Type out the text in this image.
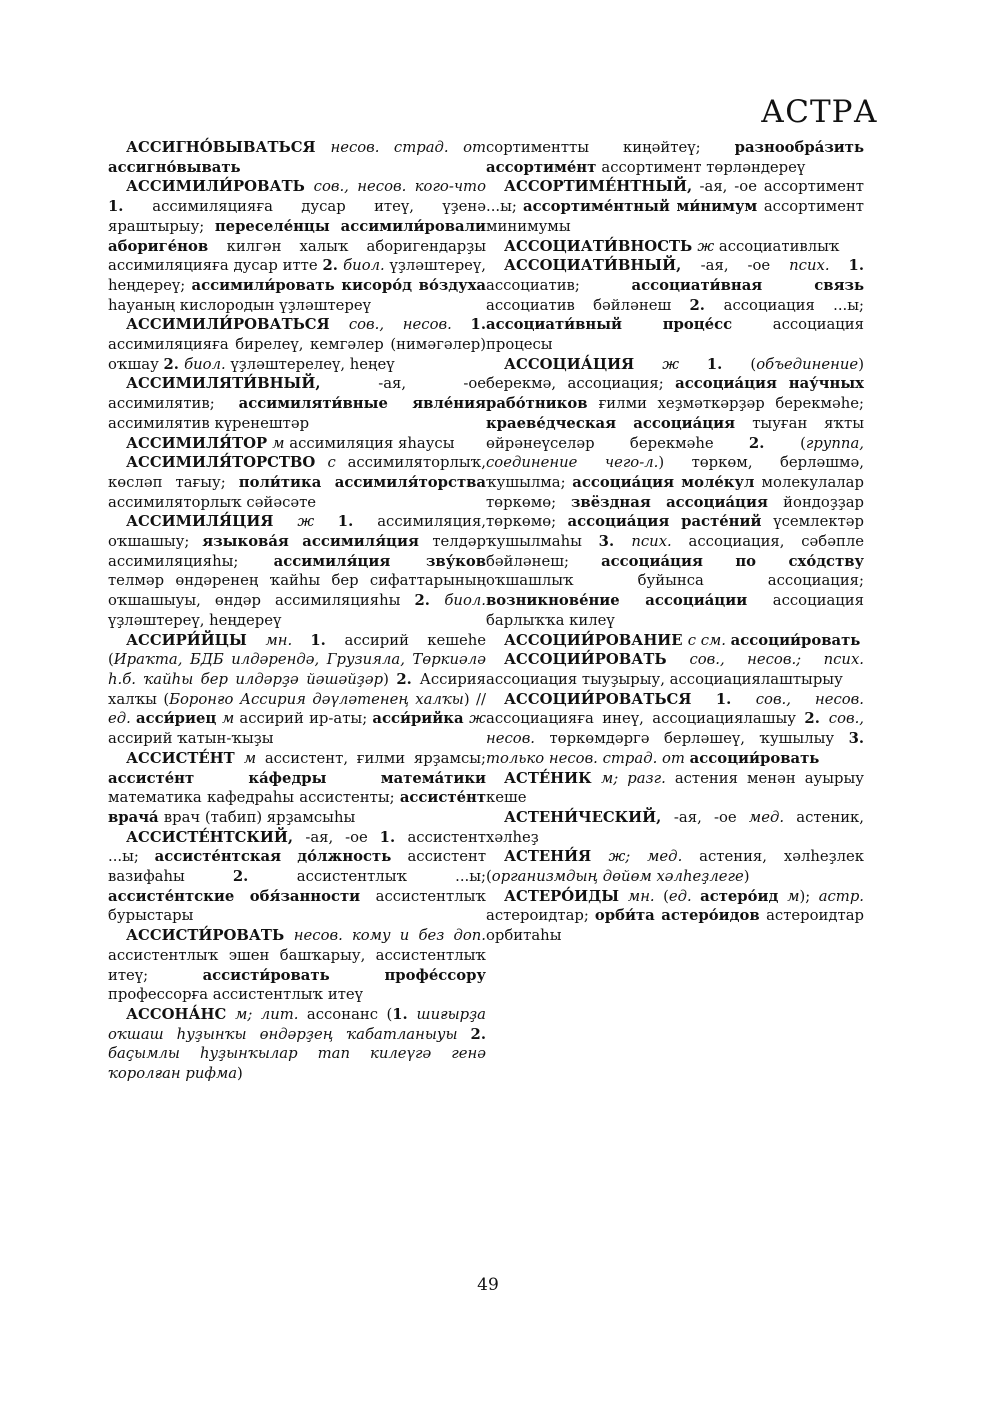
АСТРА

АССИГНО́ВЫВАТЬСЯ несов. страд. от ассигно́вывать

АССИМИЛИ́РОВАТЬ сов., несов. кого-что 1. ассимиляцияға дусар итеү, үҙенә яраштырыу; переселе́нцы ассимили́ровали абориге́нов килгән халыҡ аборигендарҙы ассимиляцияға дусар итте 2. биол. үҙләштереү, һеңдереү; ассимили́ровать кисоро́д во́здуха һауаның кислородын үҙләштереү

АССИМИЛИ́РОВАТЬСЯ сов., несов. 1. ассимиляцияға бирелеү, кемгәлер (нимәгәлер) оҡшау 2. биол. үҙләштерелеү, һеңеү

АССИМИЛЯТИ́ВНЫЙ, -ая, -ое ассимилятив; ассимиляти́вные явле́ния ассимилятив күренештәр

АССИМИЛЯ́ТОР м ассимиляция яһаусы

АССИМИЛЯ́ТОРСТВО с ассимиляторлыҡ, көсләп тағыу; поли́тика ассимиля́торства ассимиляторлыҡ сәйәсәте

АССИМИЛЯ́ЦИЯ ж 1. ассимиляция, оҡшашыу; языкова́я ассимиля́ция телдәр ассимиляцияһы; ассимиля́ция зву́ков телмәр өндәренең ҡайһы бер сифаттарының оҡшашыуы, өндәр ассимиляцияһы 2. биол. үҙләштереү, һеңдереү

АССИРИ́ЙЦЫ мн. 1. ассирий кешеһе (Ираҡта, БДБ илдәрендә, Грузияла, Төркиәлә һ.б. ҡайһы бер илдәрҙә йәшәйҙәр) 2. Ассирия халҡы (Боронғо Ассирия дәүләтенең халҡы) // ед. асси́риец м ассирий ир-аты; асси́рийка ж ассирий ҡатын-ҡыҙы

АССИСТЕ́НТ м ассистент, ғилми ярҙамсы; ассисте́нт ка́федры матема́тики математика кафедраһы ассистенты; ассисте́нт врача́ врач (табип) ярҙамсыһы

АССИСТЕ́НТСКИЙ, -ая, -ое 1. ассистент ...ы; ассисте́нтская до́лжность ассистент вазифаһы 2. ассистентлыҡ ...ы; ассисте́нтские обя́занности ассистентлыҡ бурыстары

АССИСТИ́РОВАТЬ несов. кому и без доп. ассистентлыҡ эшен башҡарыу, ассистентлыҡ итеү; ассисти́ровать профе́ссору профессорға ассистентлыҡ итеү

АССОНА́НС м; лит. ассонанс (1. шиғырҙа оҡшаш һуҙынҡы өндәрҙең ҡабатланыуы 2. баҫымлы һуҙынҡылар тап килеүгә генә ҡоролған рифма)

сортиментты киңәйтеү; разнообра́зить ассортиме́нт ассортимент төрләндереү

АССОРТИМЕ́НТНЫЙ, -ая, -ое ассортимент ...ы; ассортиме́нтный ми́нимум ассортимент минимумы

АССОЦИАТИ́ВНОСТЬ ж ассоциативлыҡ

АССОЦИАТИ́ВНЫЙ, -ая, -ое псих. 1. ассоциатив; ассоциати́вная связь ассоциатив бәйләнеш 2. ассоциация ...ы; ассоциати́вный проце́сс ассоциация процесы

АССОЦИА́ЦИЯ ж 1. (объединение) берекмә, ассоциация; ассоциа́ция нау́чных рабо́тников ғилми хеҙмәткәрҙәр берекмәһе; краеве́дческая ассоциа́ция тыуған яҡты өйрәнеүселәр берекмәһе 2. (группа, соединение чего-л.) төркөм, берләшмә, ҡушылма; ассоциа́ция моле́кул молекулалар төркөмө; звёздная ассоциа́ция йондоҙҙар төркөмө; ассоциа́ция расте́ний үсемлектәр ҡушылмаһы 3. псих. ассоциация, сәбәпле бәйләнеш; ассоциа́ция по схо́дству оҡшашлыҡ буйынса ассоциация; возникнове́ние ассоциа́ции ассоциация барлыҡҡа килеү

АССОЦИИ́РОВАНИЕ с см. ассоции́ровать

АССОЦИИ́РОВАТЬ сов., несов.; псих. ассоциация тыуҙырыу, ассоциациялаштырыу

АССОЦИИ́РОВАТЬСЯ 1. сов., несов. ассоциацияға инеү, ассоциациялашыу 2. сов., несов. төркөмдәргә берләшеү, ҡушылыу 3. только несов. страд. от ассоции́ровать

АСТЕ́НИК м; разг. астения менән ауырыу кеше

АСТЕНИ́ЧЕСКИЙ, -ая, -ое мед. астеник, хәлһеҙ

АСТЕНИ́Я ж; мед. астения, хәлһеҙлек (организмдың дөйөм хәлһеҙлеге)

АСТЕРО́ИДЫ мн. (ед. астеро́ид м); астр. астероидтар; орби́та астеро́идов астероидтар орбитаһы

49
